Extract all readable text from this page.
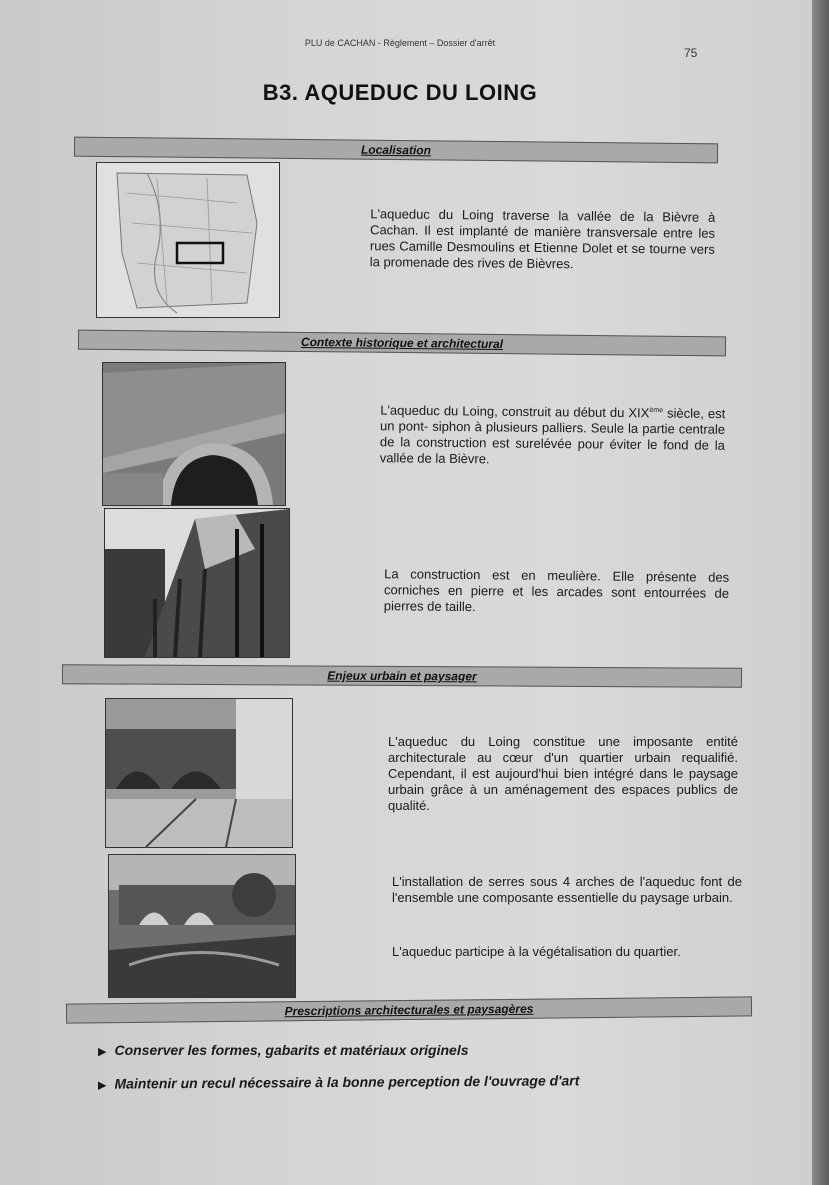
PLU de CACHAN - Règlement – Dossier d'arrêt
75
B3. AQUEDUC DU LOING
Localisation
L'aqueduc du Loing traverse la vallée de la Bièvre à Cachan. Il est implanté de manière transversale entre les rues Camille Desmoulins et Etienne Dolet et se tourne vers la promenade des rives de Bièvres.
Contexte historique et architectural
L'aqueduc du Loing, construit au début du XIXème siècle, est un pont- siphon à plusieurs palliers. Seule la partie centrale de la construction est surelévée pour éviter le fond de la vallée de la Bièvre.
La construction est en meulière. Elle présente des corniches en pierre et les arcades sont entourrées de pierres de taille.
Enjeux urbain et paysager
L'aqueduc du Loing constitue une imposante entité architecturale au cœur d'un quartier urbain requalifié. Cependant, il est aujourd'hui bien intégré dans le paysage urbain grâce à un aménagement des espaces publics de qualité.
L'installation de serres sous 4 arches de l'aqueduc font de l'ensemble une composante essentielle du paysage urbain.
L'aqueduc participe à la végétalisation du quartier.
Prescriptions architecturales et paysagères
▶ Conserver les formes, gabarits et matériaux originels
▶ Maintenir un recul nécessaire à la bonne perception de l'ouvrage d'art
